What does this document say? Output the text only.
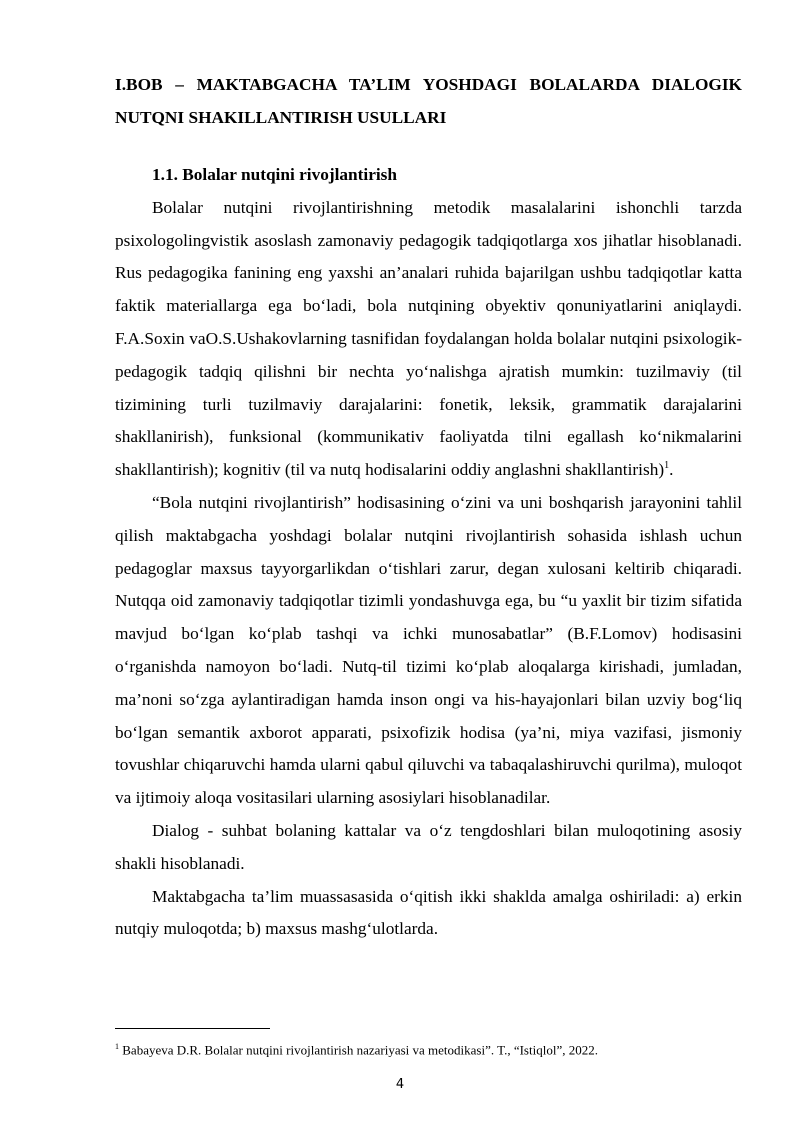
I.BOB – MAKTABGACHA TA’LIM YOSHDAGI BOLALARDA DIALOGIK NUTQNI SHAKILLANTIRISH USULLARI
1.1. Bolalar nutqini rivojlantirish

Bolalar nutqini rivojlantirishning metodik masalalarini ishonchli tarzda psixologolingvistik asoslash zamonaviy pedagogik tadqiqotlarga xos jihatlar hisoblanadi. Rus pedagogika fanining eng yaxshi an’analari ruhida bajarilgan ushbu tadqiqotlar katta faktik materiallarga ega bo‘ladi, bola nutqining obyektiv qonuniyatlarini aniqlaydi. F.A.Soxin vaO.S.Ushakovlarning tasnifidan foydalangan holda bolalar nutqini psixologik-pedagogik tadqiq qilishni bir nechta yo‘nalishga ajratish mumkin: tuzilmaviy (til tizimining turli tuzilmaviy darajalarini: fonetik, leksik, grammatik darajalarini shakllanirish), funksional (kommunikativ faoliyatda tilni egallash ko‘nikmalarini shakllantirish); kognitiv (til va nutq hodisalarini oddiy anglashni shakllantirish)$^1$.

“Bola nutqini rivojlantirish” hodisasining o‘zini va uni boshqarish jarayonini tahlil qilish maktabgacha yoshdagi bolalar nutqini rivojlantirish sohasida ishlash uchun pedagoglar maxsus tayyorgarlikdan o‘tishlari zarur, degan xulosani keltirib chiqaradi. Nutqqa oid zamonaviy tadqiqotlar tizimli yondashuvga ega, bu “u yaxlit bir tizim sifatida mavjud bo‘lgan ko‘plab tashqi va ichki munosabatlar” (B.F.Lomov) hodisasini o‘rganishda namoyon bo‘ladi. Nutq-til tizimi ko‘plab aloqalarga kirishadi, jumladan, ma’noni so‘zga aylantiradigan hamda inson ongi va his-hayajonlari bilan uzviy bog‘liq bo‘lgan semantik axborot apparati, psixofizik hodisa (ya’ni, miya vazifasi, jismoniy tovushlar chiqaruvchi hamda ularni qabul qiluvchi va tabaqalashiruvchi qurilma), muloqot va ijtimoiy aloqa vositasilari ularning asosiylari hisoblanadilar.

Dialog - suhbat bolaning kattalar va o‘z tengdoshlari bilan muloqotining asosiy shakli hisoblanadi.

Maktabgacha ta’lim muassasasida o‘qitish ikki shaklda amalga oshiriladi: a) erkin nutqiy muloqotda; b) maxsus mashg‘ulotlarda.

$^1$ Babayeva D.R. Bolalar nutqini rivojlantirish nazariyasi va metodikasi”. T., “Istiqlol”, 2022.
4
